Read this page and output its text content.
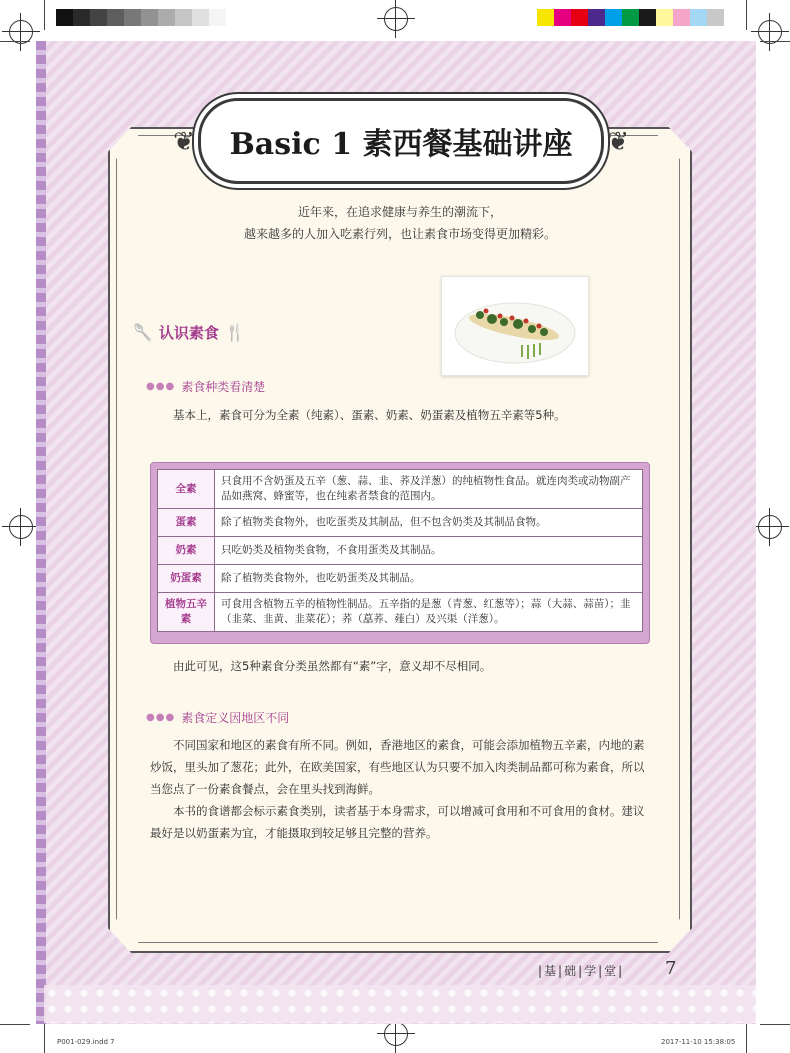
❦ Basic 1 素西餐基础讲座 ❦
近年来，在追求健康与养生的潮流下，
越来越多的人加入吃素行列，也让素食市场变得更加精彩。
🥄 认识素食 🍴
●●● 素食种类看清楚
基本上，素食可分为全素（纯素）、蛋素、奶素、奶蛋素及植物五辛素等5种。
全素	只食用不含奶蛋及五辛（葱、蒜、韭、荞及洋葱）的纯植物性食品。就连肉类或动物副产品如燕窝、蜂蜜等，也在纯素者禁食的范围内。
蛋素	除了植物类食物外，也吃蛋类及其制品，但不包含奶类及其制品食物。
奶素	只吃奶类及植物类食物，不食用蛋类及其制品。
奶蛋素	除了植物类食物外，也吃奶蛋类及其制品。
植物五辛素	可食用含植物五辛的植物性制品。五辛指的是葱（青葱、红葱等）；蒜（大蒜、蒜苗）；韭（韭菜、韭黄、韭菜花）；荞（藠荞、薤白）及兴渠（洋葱）。
由此可见，这5种素食分类虽然都有“素”字，意义却不尽相同。
●●● 素食定义因地区不同
不同国家和地区的素食有所不同。例如，香港地区的素食，可能会添加植物五辛素，内地的素炒饭，里头加了葱花；此外，在欧美国家，有些地区认为只要不加入肉类制品都可称为素食，所以当您点了一份素食餐点，会在里头找到海鲜。
本书的食谱都会标示素食类别，读者基于本身需求，可以增减可食用和不可食用的食材。建议最好是以奶蛋素为宜，才能摄取到较足够且完整的营养。
|基|础|学|堂| 7
P001-029.indd 7	2017-11-10 15:38:05
